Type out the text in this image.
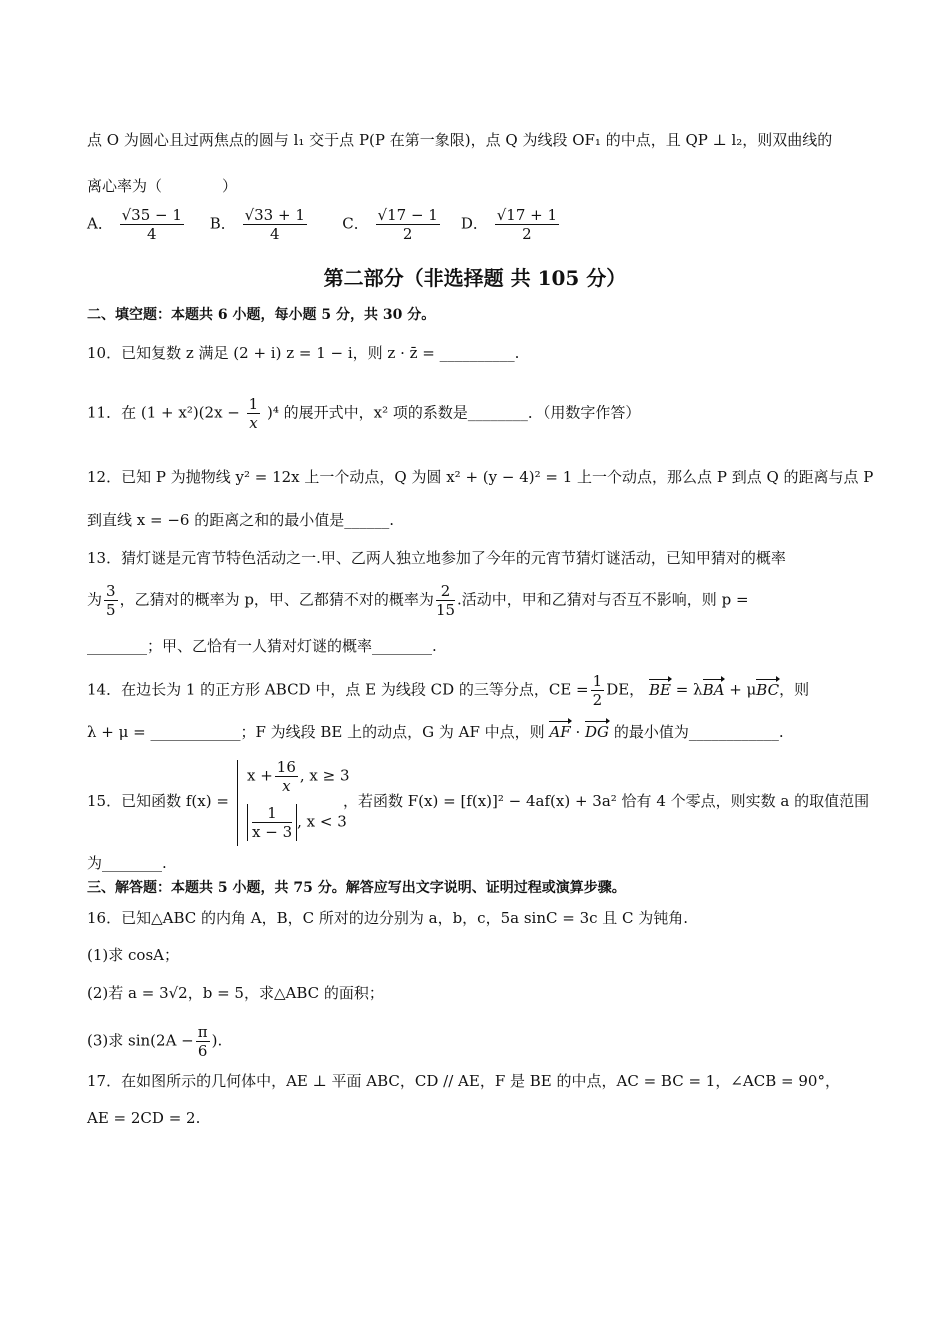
点 O 为圆心且过两焦点的圆与 l₁ 交于点 P(P 在第一象限)，点 Q 为线段 OF₁ 的中点，且 QP ⊥ l₂，则双曲线的
离心率为（　　　　）
A． $\frac{√35 - 1}{4}$ B． $\frac{√33 + 1}{4}$ C． $\frac{√17 - 1}{2}$ D． $\frac{√17 + 1}{2}$
第二部分（非选择题 共 105 分）
二、填空题：本题共 6 小题，每小题 5 分，共 30 分。
10．已知复数 z 满足 (2 + i) z = 1 − i，则 z · z̄ = __________.
11．在 $(1 + x^2)(2x - \frac{1}{x} )^4$ 的展开式中，x² 项的系数是________．（用数字作答）
12．已知 P 为抛物线 y² = 12x 上一个动点，Q 为圆 x² + (y − 4)² = 1 上一个动点，那么点 P 到点 Q 的距离与点 P
到直线 x = −6 的距离之和的最小值是______.
13．猜灯谜是元宵节特色活动之一.甲、乙两人独立地参加了今年的元宵节猜灯谜活动，已知甲猜对的概率
为 $\frac{3}{5}$ ，乙猜对的概率为 p，甲、乙都猜不对的概率为 $\frac{2}{15}$ .活动中，甲和乙猜对与否互不影响，则 p =
________；甲、乙恰有一人猜对灯谜的概率________.
14．在边长为 1 的正方形 ABCD 中，点 E 为线段 CD 的三等分点，CE = $\frac{1}{2}$ DE， BE = λBA + μBC，则
λ + μ = ____________；F 为线段 BE 上的动点，G 为 AF 中点，则 AF · DG 的最小值为____________.
15．已知函数 f(x) =
$x + \frac{16}{x}$ , x ≥ 3
$\frac{1}{x - 3}$ , x < 3
，若函数 F(x) = [f(x)]² − 4af(x) + 3a² 恰有 4 个零点，则实数 a 的取值范围
为________.
三、解答题：本题共 5 小题，共 75 分。解答应写出文字说明、证明过程或演算步骤。
16．已知△ABC 的内角 A，B，C 所对的边分别为 a，b，c，5a sinC = 3c 且 C 为钝角.
(1)求 cosA；
(2)若 a = 3√2，b = 5，求△ABC 的面积；
(3)求 $\sin(2A - \frac{\pi}{6}$ ).
17．在如图所示的几何体中，AE ⊥ 平面 ABC，CD // AE，F 是 BE 的中点，AC = BC = 1，∠ACB = 90°，
AE = 2CD = 2.
